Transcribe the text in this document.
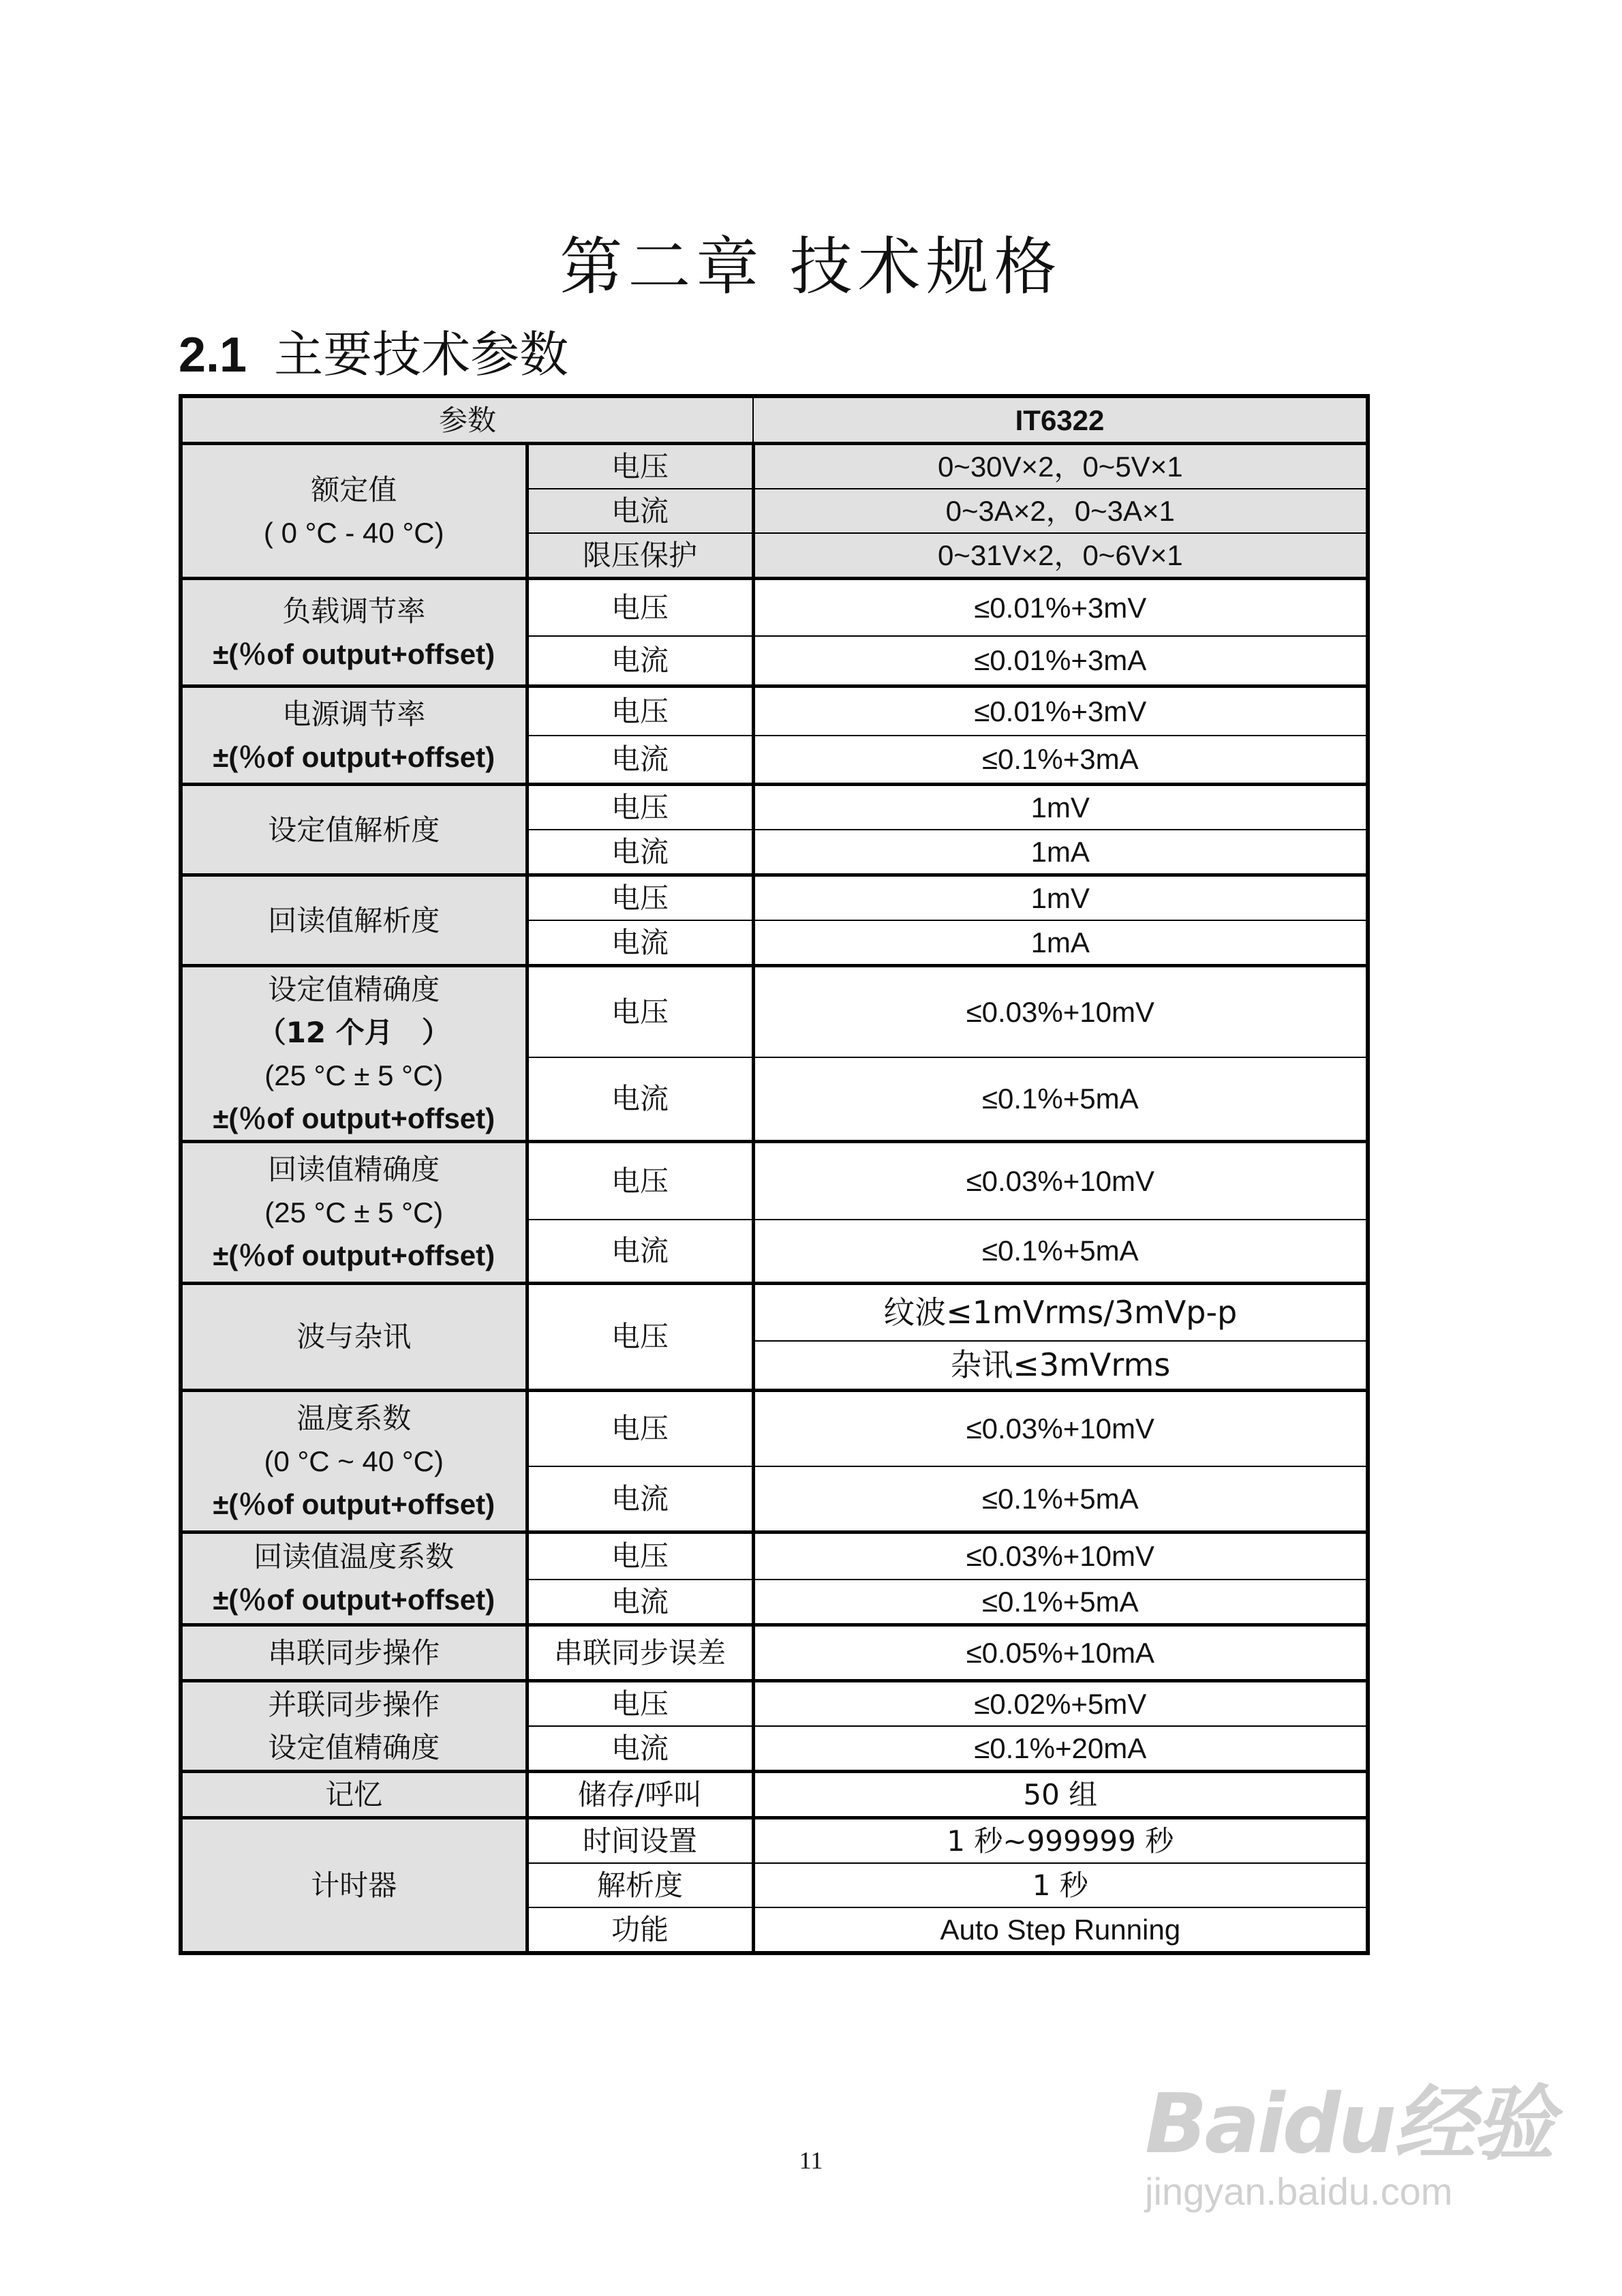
第二章 技术规格
2.1 主要技术参数
参数		IT6322

额定值
( 0 °C - 40 °C)	电压	0~30V×2，0~5V×1
	电流	0~3A×2，0~3A×1
	限压保护	0~31V×2，0~6V×1

负载调节率
±(％of output+offset)	电压	≤0.01%+3mV
	电流	≤0.01%+3mA

电源调节率
±(％of output+offset)	电压	≤0.01%+3mV
	电流	≤0.1%+3mA
设定值解析度	电压	1mV
	电流	1mA
回读值解析度	电压	1mV
	电流	1mA

设定值精确度
（12 个月　）
(25 °C ± 5 °C)
±(％of output+offset)	电压	≤0.03%+10mV
	电流	≤0.1%+5mA

回读值精确度
(25 °C ± 5 °C)
±(％of output+offset)	电压	≤0.03%+10mV
	电流	≤0.1%+5mA
波与杂讯	电压	纹波≤1mVrms/3mVp-p
		杂讯≤3mVrms

温度系数
(0 °C ~ 40 °C)
±(％of output+offset)	电压	≤0.03%+10mV
	电流	≤0.1%+5mA

回读值温度系数
±(％of output+offset)	电压	≤0.03%+10mV
	电流	≤0.1%+5mA
串联同步操作	串联同步误差	≤0.05%+10mA

并联同步操作
设定值精确度	电压	≤0.02%+5mV
	电流	≤0.1%+20mA
记忆	储存/呼叫	50 组
计时器	时间设置	1 秒~999999 秒
	解析度	1 秒
	功能	Auto Step Running
11	Baidu经验
jingyan.baidu.com
